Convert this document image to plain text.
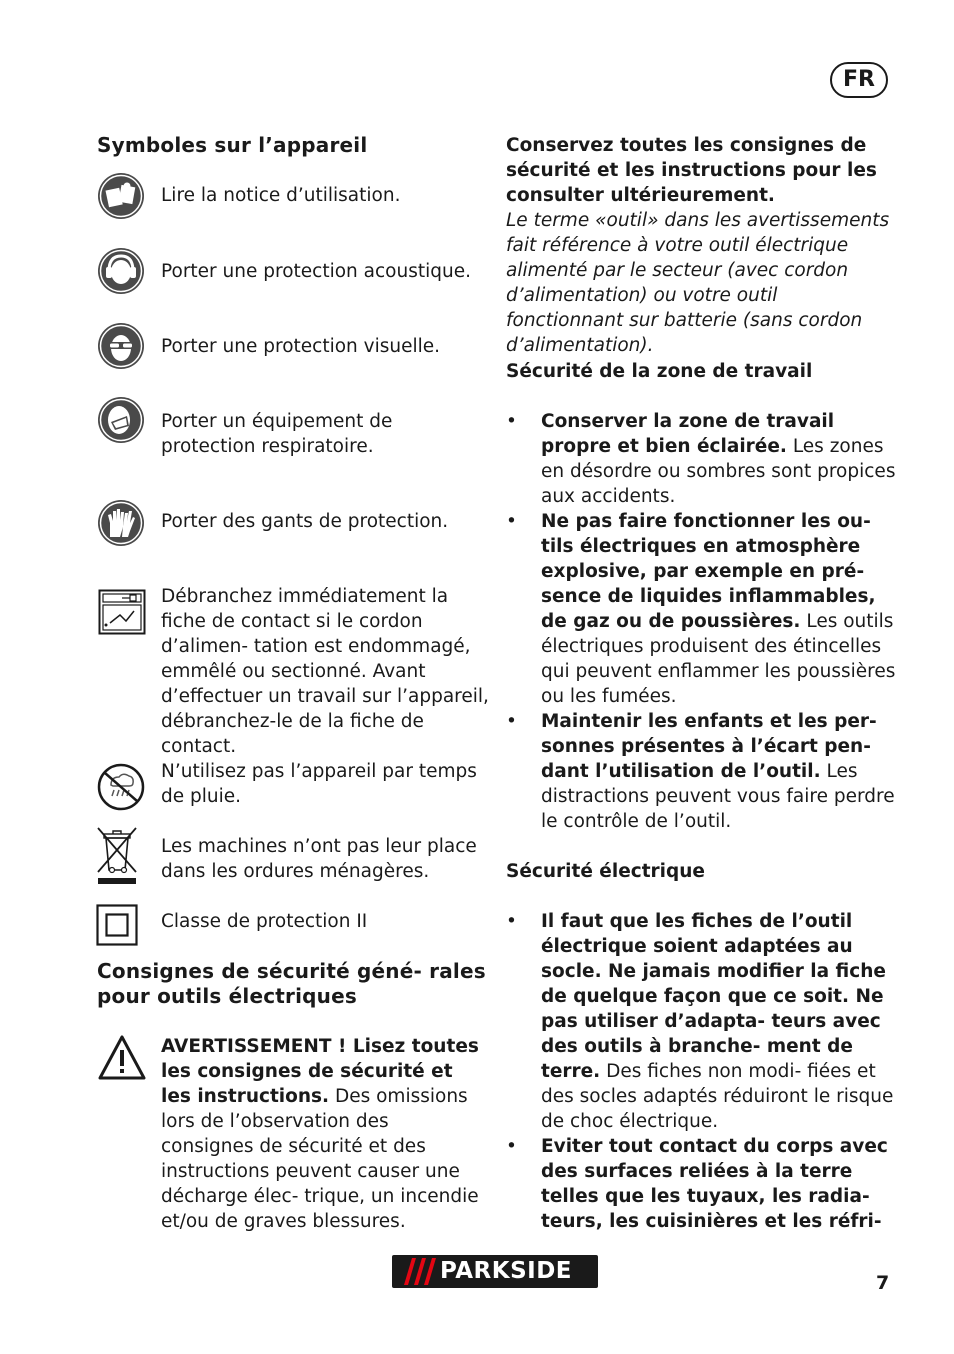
FR
Symboles sur l’appareil
Lire la notice d’utilisation.
Porter une protection acoustique.
Porter une protection visuelle.
Porter un équipement de protection respiratoire.
Porter des gants de protection.
Débranchez immédiatement la fiche de contact si le cordon d’alimen- tation est endommagé, emmêlé ou sectionné. Avant d’effectuer un travail sur l’appareil, débranchez-le de la fiche de contact.
N’utilisez pas l’appareil par temps de pluie.
Les machines n’ont pas leur place dans les ordures ménagères.
Classe de protection II
Consignes de sécurité géné- rales pour outils électriques
AVERTISSEMENT ! Lisez toutes les consignes de sécurité et les instructions. Des omissions lors de l’observation des consignes de sécurité et des instructions peuvent causer une décharge élec- trique, un incendie et/ou de graves blessures.
Conservez toutes les consignes de sécurité et les instructions pour les consulter ultérieurement.
Le terme «outil» dans les avertissements fait référence à votre outil électrique alimenté par le secteur (avec cordon d’alimentation) ou votre outil fonctionnant sur batterie (sans cordon d’alimentation).
Sécurité de la zone de travail
• Conserver la zone de travail propre et bien éclairée. Les zones en désordre ou sombres sont propices aux accidents.
• Ne pas faire fonctionner les ou- tils électriques en atmosphère explosive, par exemple en pré- sence de liquides inflammables, de gaz ou de poussières. Les outils électriques produisent des étincelles qui peuvent enflammer les poussières ou les fumées.
• Maintenir les enfants et les per- sonnes présentes à l’écart pen- dant l’utilisation de l’outil. Les distractions peuvent vous faire perdre le contrôle de l’outil.
Sécurité électrique
• Il faut que les fiches de l’outil électrique soient adaptées au socle. Ne jamais modifier la fiche de quelque façon que ce soit. Ne pas utiliser d’adapta- teurs avec des outils à branche- ment de terre. Des fiches non modi- fiées et des socles adaptés réduiront le risque de choc électrique.
• Eviter tout contact du corps avec des surfaces reliées à la terre telles que les tuyaux, les radia- teurs, les cuisinières et les réfri-
PARKSIDE	7
